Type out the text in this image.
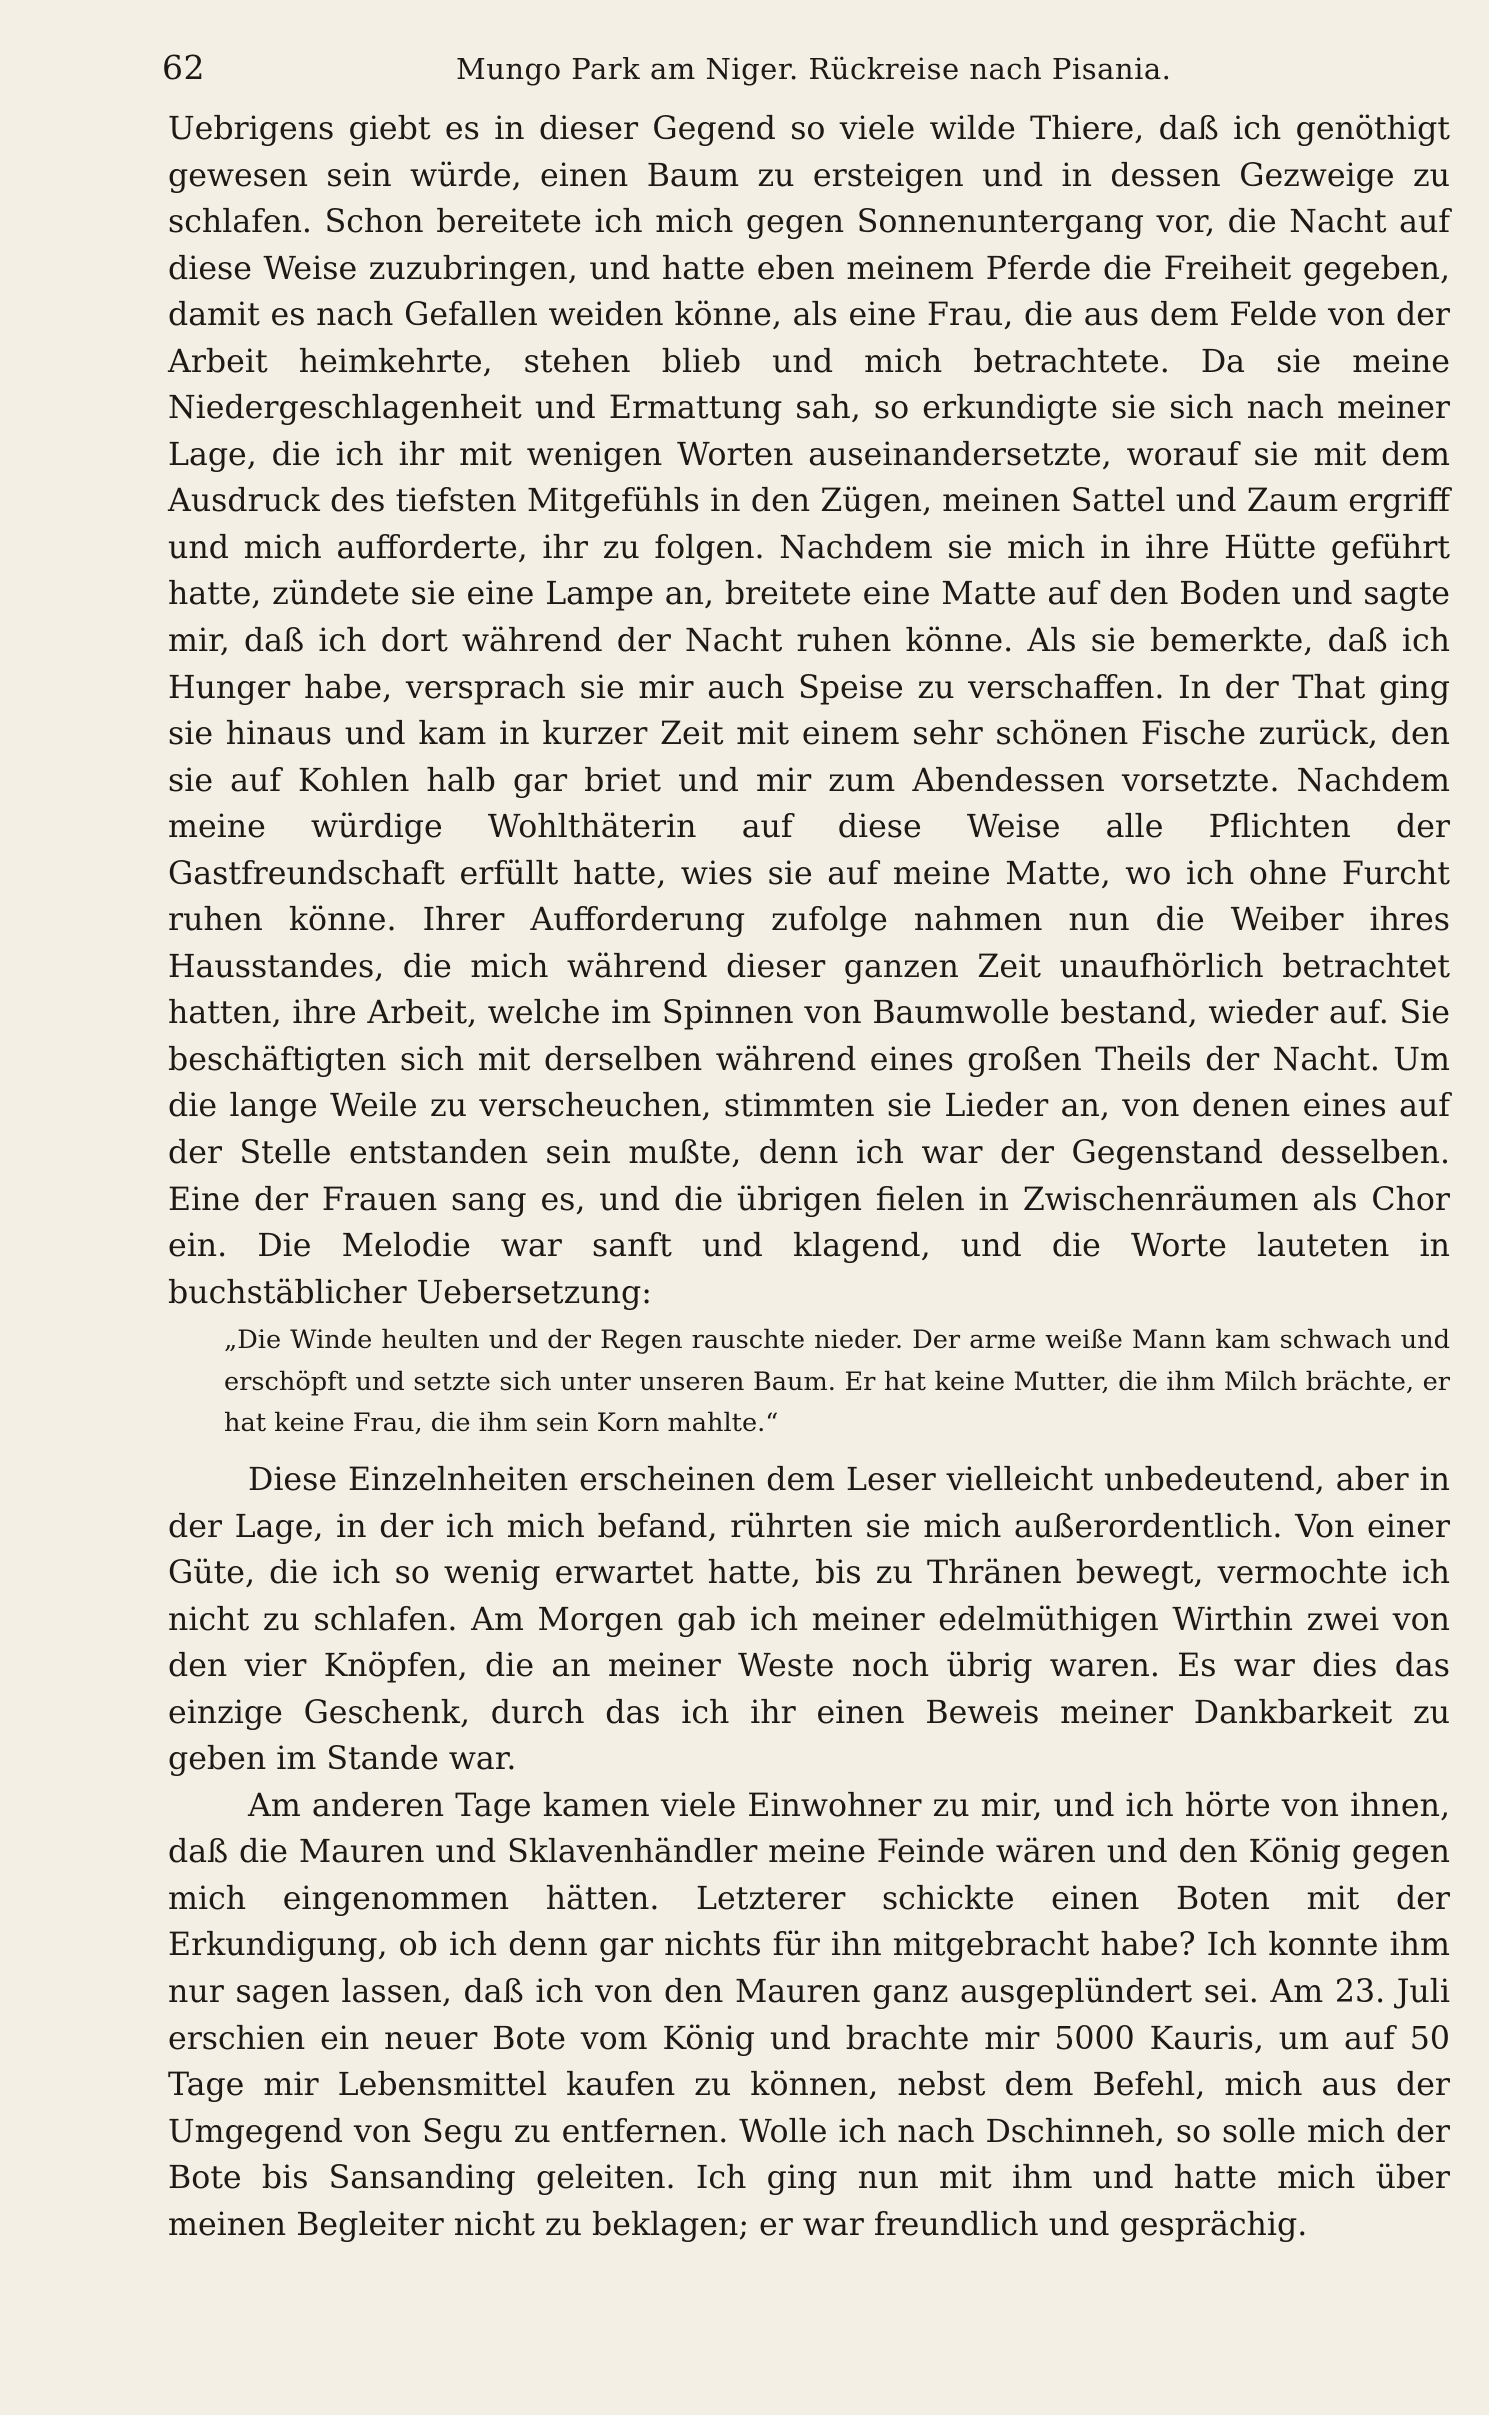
62	Mungo Park am Niger. Rückreise nach Pisania.

Uebrigens giebt es in dieser Gegend so viele wilde Thiere, daß ich genöthigt gewesen sein würde, einen Baum zu ersteigen und in dessen Gezweige zu schlafen. Schon bereitete ich mich gegen Sonnenuntergang vor, die Nacht auf diese Weise zuzubringen, und hatte eben meinem Pferde die Freiheit gegeben, damit es nach Gefallen weiden könne, als eine Frau, die aus dem Felde von der Arbeit heimkehrte, stehen blieb und mich betrachtete. Da sie meine Niedergeschlagenheit und Ermattung sah, so erkundigte sie sich nach meiner Lage, die ich ihr mit wenigen Worten auseinandersetzte, worauf sie mit dem Ausdruck des tiefsten Mitgefühls in den Zügen, meinen Sattel und Zaum ergriff und mich aufforderte, ihr zu folgen. Nachdem sie mich in ihre Hütte geführt hatte, zündete sie eine Lampe an, breitete eine Matte auf den Boden und sagte mir, daß ich dort während der Nacht ruhen könne. Als sie bemerkte, daß ich Hunger habe, versprach sie mir auch Speise zu verschaffen. In der That ging sie hinaus und kam in kurzer Zeit mit einem sehr schönen Fische zurück, den sie auf Kohlen halb gar briet und mir zum Abendessen vorsetzte. Nachdem meine würdige Wohlthäterin auf diese Weise alle Pflichten der Gastfreundschaft erfüllt hatte, wies sie auf meine Matte, wo ich ohne Furcht ruhen könne. Ihrer Aufforderung zufolge nahmen nun die Weiber ihres Hausstandes, die mich während dieser ganzen Zeit unaufhörlich betrachtet hatten, ihre Arbeit, welche im Spinnen von Baumwolle bestand, wieder auf. Sie beschäftigten sich mit derselben während eines großen Theils der Nacht. Um die lange Weile zu verscheuchen, stimmten sie Lieder an, von denen eines auf der Stelle entstanden sein mußte, denn ich war der Gegenstand desselben. Eine der Frauen sang es, und die übrigen fielen in Zwischenräumen als Chor ein. Die Melodie war sanft und klagend, und die Worte lauteten in buchstäblicher Uebersetzung:

„Die Winde heulten und der Regen rauschte nieder. Der arme weiße Mann kam schwach und erschöpft und setzte sich unter unseren Baum. Er hat keine Mutter, die ihm Milch brächte, er hat keine Frau, die ihm sein Korn mahlte.“

Diese Einzelnheiten erscheinen dem Leser vielleicht unbedeutend, aber in der Lage, in der ich mich befand, rührten sie mich außerordentlich. Von einer Güte, die ich so wenig erwartet hatte, bis zu Thränen bewegt, vermochte ich nicht zu schlafen. Am Morgen gab ich meiner edelmüthigen Wirthin zwei von den vier Knöpfen, die an meiner Weste noch übrig waren. Es war dies das einzige Geschenk, durch das ich ihr einen Beweis meiner Dankbarkeit zu geben im Stande war.

Am anderen Tage kamen viele Einwohner zu mir, und ich hörte von ihnen, daß die Mauren und Sklavenhändler meine Feinde wären und den König gegen mich eingenommen hätten. Letzterer schickte einen Boten mit der Erkundigung, ob ich denn gar nichts für ihn mitgebracht habe? Ich konnte ihm nur sagen lassen, daß ich von den Mauren ganz ausgeplündert sei. Am 23. Juli erschien ein neuer Bote vom König und brachte mir 5000 Kauris, um auf 50 Tage mir Lebensmittel kaufen zu können, nebst dem Befehl, mich aus der Umgegend von Segu zu entfernen. Wolle ich nach Dschinneh, so solle mich der Bote bis Sansanding geleiten. Ich ging nun mit ihm und hatte mich über meinen Begleiter nicht zu beklagen; er war freundlich und gesprächig.
